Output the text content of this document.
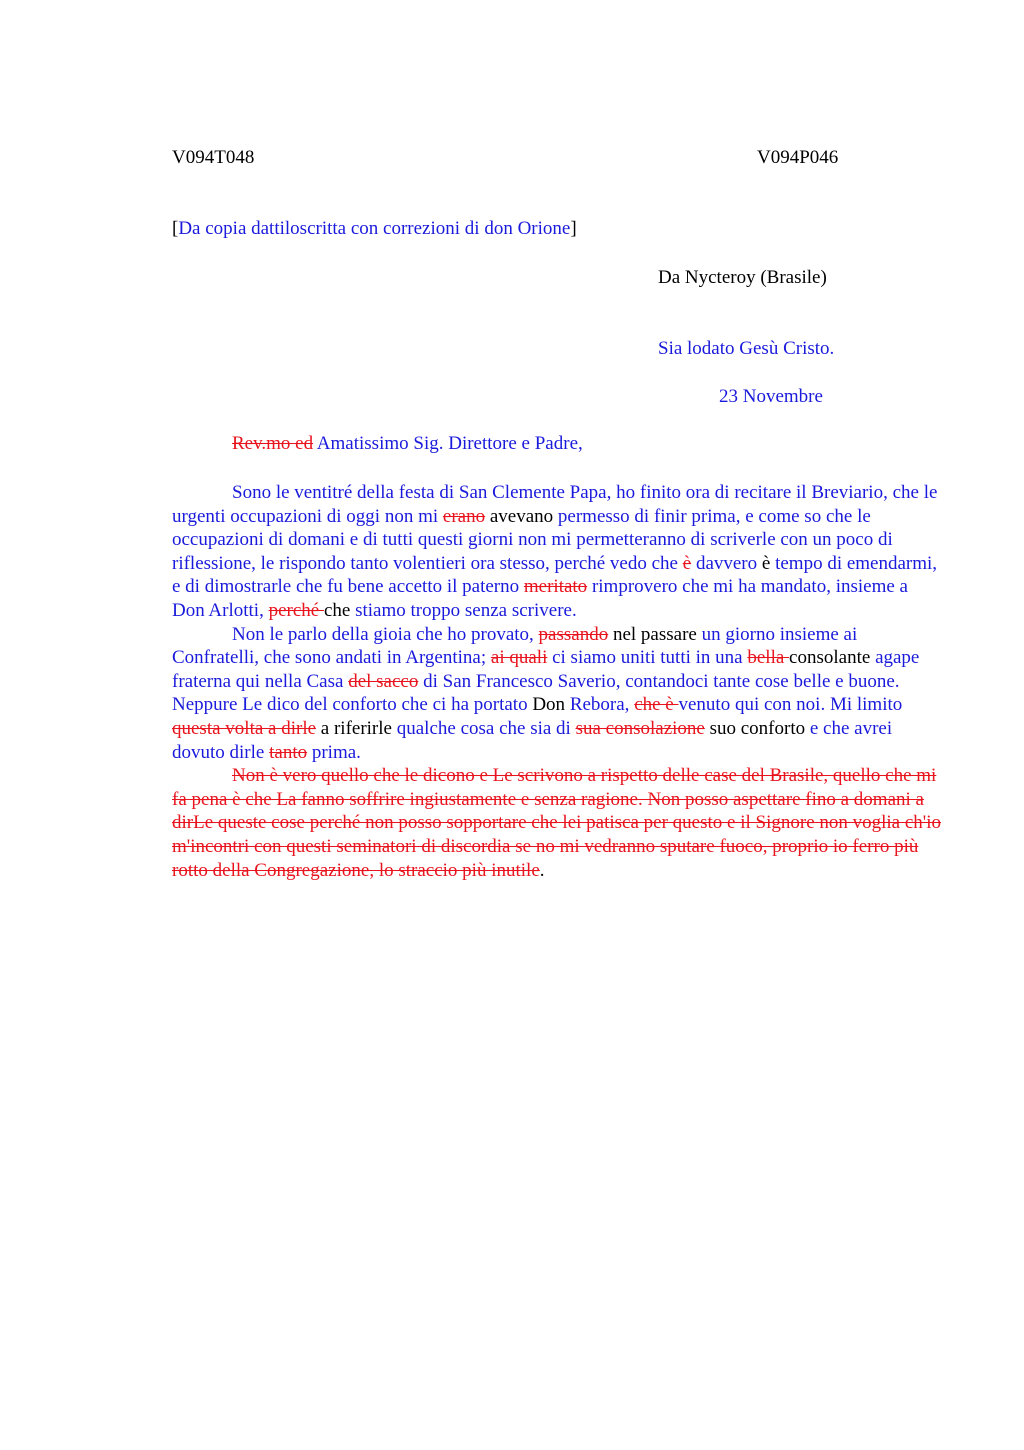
V094T048	V094P046
[Da copia dattiloscritta con correzioni di don Orione]
Da Nycteroy (Brasile)
Sia lodato Gesù Cristo.
23 Novembre
Rev.mo ed Amatissimo Sig. Direttore e Padre,

Sono le ventitré della festa di San Clemente Papa, ho finito ora di recitare il Breviario, che le urgenti occupazioni di oggi non mi erano avevano permesso di finir prima, e come so che le occupazioni di domani e di tutti questi giorni non mi permetteranno di scriverle con un poco di riflessione, le rispondo tanto volentieri ora stesso, perché vedo che è davvero è tempo di emendarmi, e di dimostrarle che fu bene accetto il paterno meritato rimprovero che mi ha mandato, insieme a Don Arlotti, perché che stiamo troppo senza scrivere.

Non le parlo della gioia che ho provato, passando nel passare un giorno insieme ai Confratelli, che sono andati in Argentina; ai quali ci siamo uniti tutti in una bella consolante agape fraterna qui nella Casa del sacco di San Francesco Saverio, contandoci tante cose belle e buone. Neppure Le dico del conforto che ci ha portato Don Rebora, che è venuto qui con noi. Mi limito questa volta a dirle a riferirle qualche cosa che sia di sua consolazione suo conforto e che avrei dovuto dirle tanto prima.

Non è vero quello che le dicono e Le scrivono a rispetto delle case del Brasile, quello che mi fa pena è che La fanno soffrire ingiustamente e senza ragione. Non posso aspettare fino a domani a dirLe queste cose perché non posso sopportare che lei patisca per questo e il Signore non voglia ch'io m'incontri con questi seminatori di discordia se no mi vedranno sputare fuoco, proprio io ferro più rotto della Congregazione, lo straccio più inutile.
